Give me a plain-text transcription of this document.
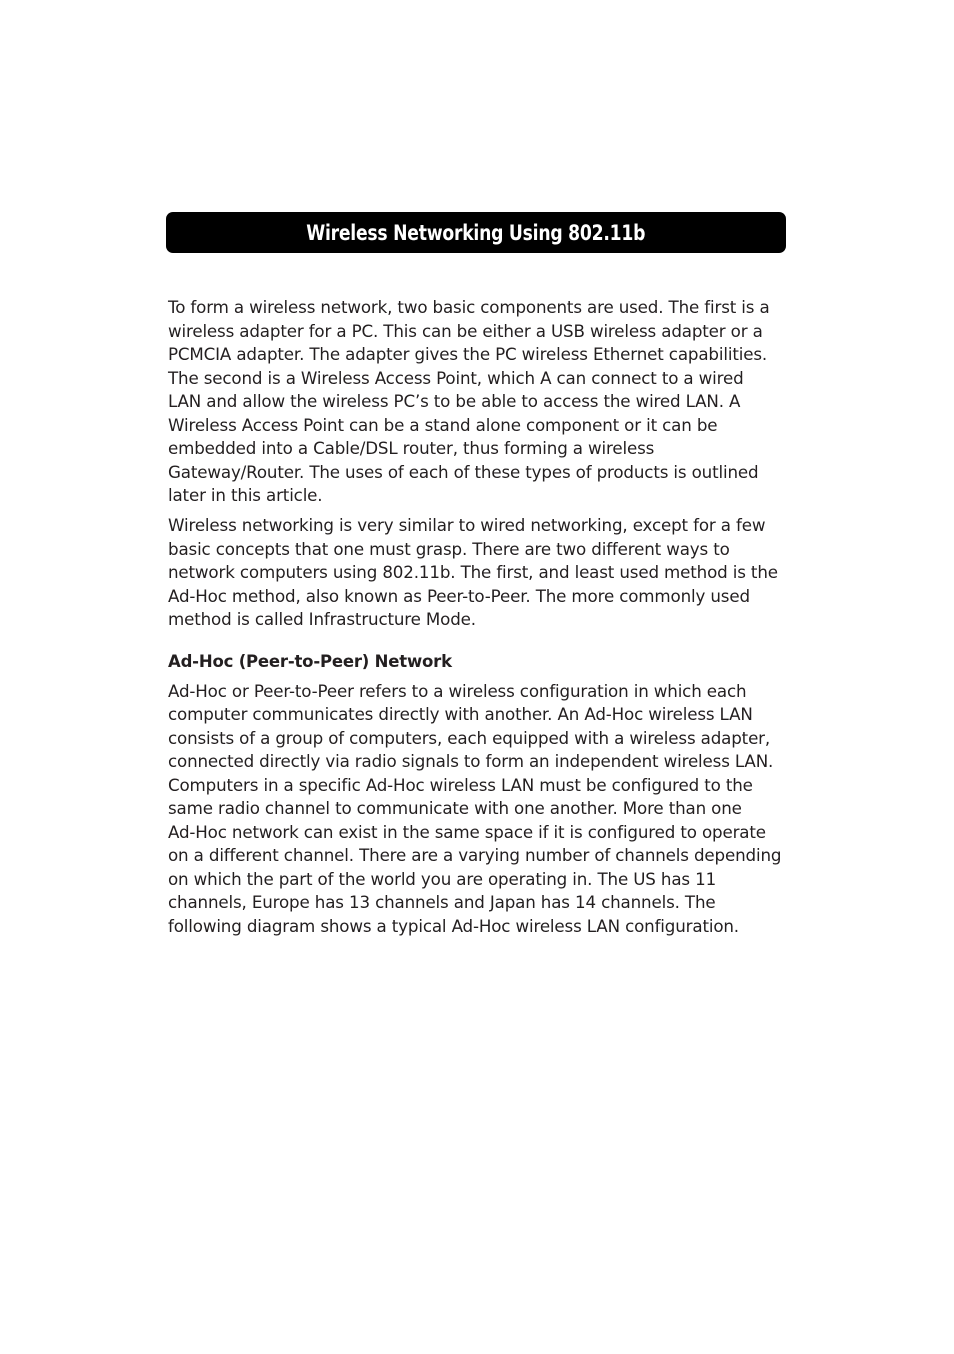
Wireless Networking Using 802.11b

To form a wireless network, two basic components are used. The first is a
wireless adapter for a PC. This can be either a USB wireless adapter or a
PCMCIA adapter. The adapter gives the PC wireless Ethernet capabilities.
The second is a Wireless Access Point, which A can connect to a wired
LAN and allow the wireless PC’s to be able to access the wired LAN. A
Wireless Access Point can be a stand alone component or it can be
embedded into a Cable/DSL router, thus forming a wireless
Gateway/Router. The uses of each of these types of products is outlined
later in this article.

Wireless networking is very similar to wired networking, except for a few
basic concepts that one must grasp. There are two different ways to
network computers using 802.11b. The first, and least used method is the
Ad-Hoc method, also known as Peer-to-Peer. The more commonly used
method is called Infrastructure Mode.

Ad-Hoc (Peer-to-Peer) Network

Ad-Hoc or Peer-to-Peer refers to a wireless configuration in which each
computer communicates directly with another. An Ad-Hoc wireless LAN
consists of a group of computers, each equipped with a wireless adapter,
connected directly via radio signals to form an independent wireless LAN.
Computers in a specific Ad-Hoc wireless LAN must be configured to the
same radio channel to communicate with one another. More than one
Ad-Hoc network can exist in the same space if it is configured to operate
on a different channel. There are a varying number of channels depending
on which the part of the world you are operating in. The US has 11
channels, Europe has 13 channels and Japan has 14 channels. The
following diagram shows a typical Ad-Hoc wireless LAN configuration.
